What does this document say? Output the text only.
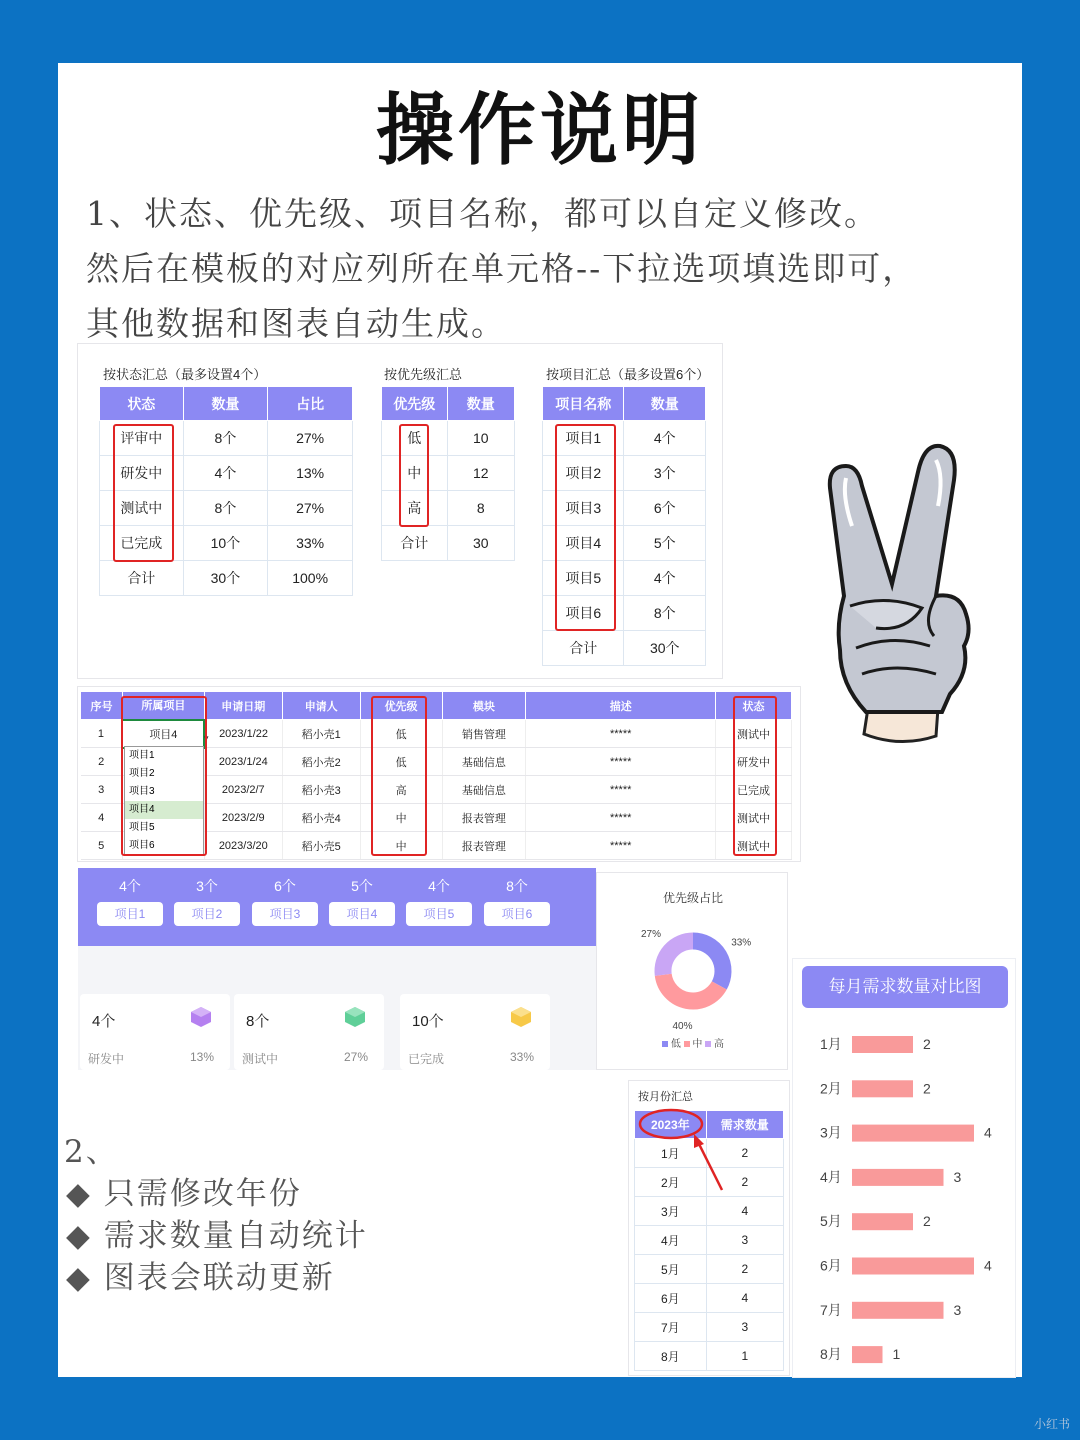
操作说明
1、状态、优先级、项目名称，都可以自定义修改。
然后在模板的对应列所在单元格--下拉选项填选即可，
其他数据和图表自动生成。
按状态汇总（最多设置4个）
状态	数量	占比
评审中	8个	27%
研发中	4个	13%
测试中	8个	27%
已完成	10个	33%
合计	30个	100%
按优先级汇总
优先级	数量
低	10
中	12
高	8
合计	30
按项目汇总（最多设置6个）
项目名称	数量
项目1	4个
项目2	3个
项目3	6个
项目4	5个
项目5	4个
项目6	8个
合计	30个
序号	所属项目	申请日期	申请人	优先级	模块	描述	状态
1	项目4	2023/1/22	稻小壳1	低	销售管理	*****	测试中
2		2023/1/24	稻小壳2	低	基础信息	*****	研发中
3		2023/2/7	稻小壳3	高	基础信息	*****	已完成
4		2023/2/9	稻小壳4	中	报表管理	*****	测试中
5		2023/3/20	稻小壳5	中	报表管理	*****	测试中
▾
项目1
项目2
项目3
项目4
项目5
项目6
4个	3个	6个	5个	4个	8个
项目1	项目2	项目3	项目4	项目5	项目6
4个
研发中	13%
8个
测试中	27%
10个
已完成	33%
优先级占比
33%
40%
27%
低 中 高
按月份汇总
2023年	需求数量
1月	2
2月	2
3月	4
4月	3
5月	2
6月	4
7月	3
8月	1
每月需求数量对比图
1月	2
2月	2
3月	4
4月	3
5月	2
6月	4
7月	3
8月	1
2、
◆ 只需修改年份
◆ 需求数量自动统计
◆ 图表会联动更新
小红书
